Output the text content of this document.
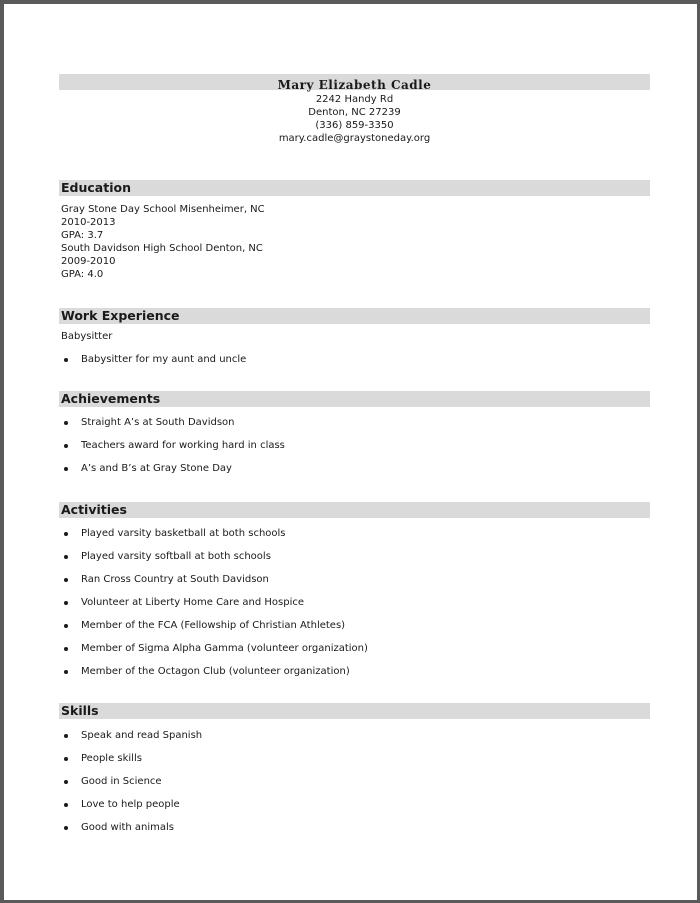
Mary Elizabeth Cadle
2242 Handy Rd
Denton, NC 27239
(336) 859-3350
mary.cadle@graystoneday.org
Education
Gray Stone Day School Misenheimer, NC
2010-2013
GPA: 3.7
South Davidson High School Denton, NC
2009-2010
GPA: 4.0
Work Experience
Babysitter
Babysitter for my aunt and uncle
Achievements
Straight A’s at South Davidson
Teachers award for working hard in class
A’s and B’s at Gray Stone Day
Activities
Played varsity basketball at both schools
Played varsity softball at both schools
Ran Cross Country at South Davidson
Volunteer at Liberty Home Care and Hospice
Member of the FCA (Fellowship of Christian Athletes)
Member of Sigma Alpha Gamma (volunteer organization)
Member of the Octagon Club (volunteer organization)
Skills
Speak and read Spanish
People skills
Good in Science
Love to help people
Good with animals
